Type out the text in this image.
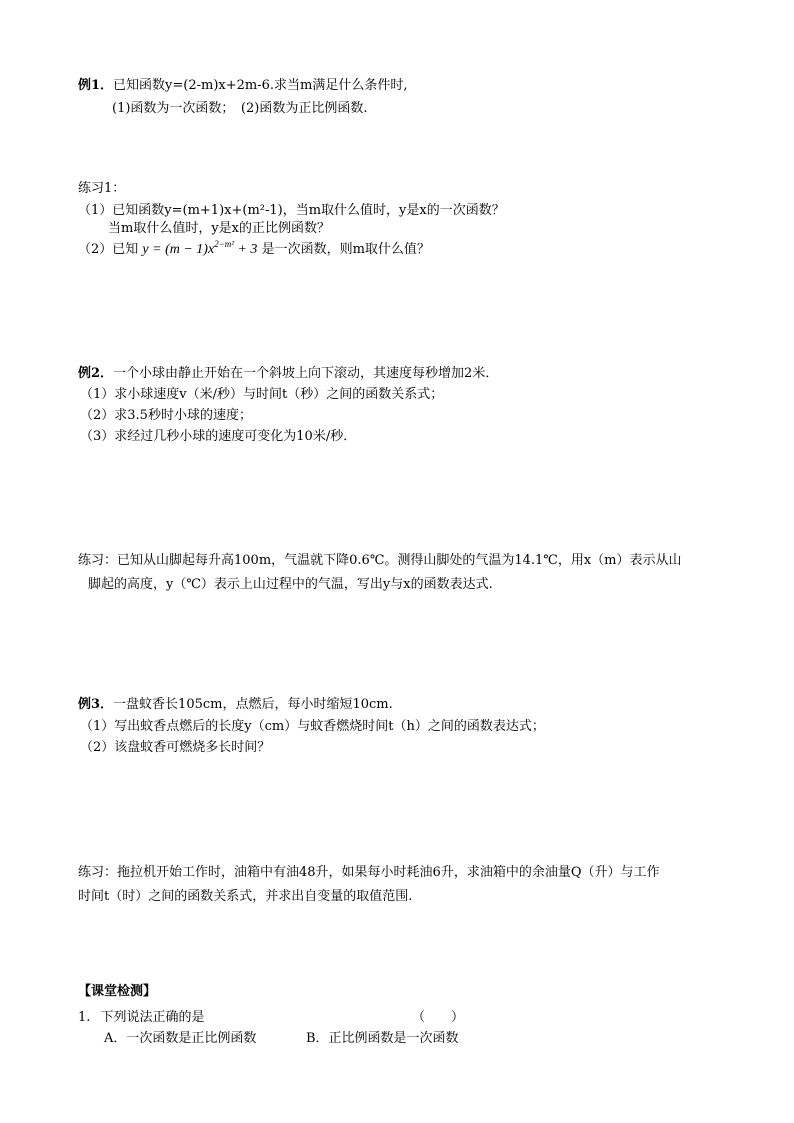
例1．已知函数y=(2-m)x+2m-6.求当m满足什么条件时,
(1)函数为一次函数；　(2)函数为正比例函数.
练习1：
（1）已知函数y=(m+1)x+(m²-1)，当m取什么值时，y是x的一次函数？
当m取什么值时，y是x的正比例函数？
（2）已知 $y = (m - 1)x^{2-m^2} + 3$ 是一次函数，则m取什么值？
例2．一个小球由静止开始在一个斜坡上向下滚动，其速度每秒增加2米．
（1）求小球速度v（米/秒）与时间t（秒）之间的函数关系式；
（2）求3.5秒时小球的速度；
（3）求经过几秒小球的速度可变化为10米/秒．
练习：已知从山脚起每升高100m，气温就下降0.6℃。测得山脚处的气温为14.1℃，用x（m）表示从山
脚起的高度，y（℃）表示上山过程中的气温，写出y与x的函数表达式.
例3．一盘蚊香长105cm，点燃后，每小时缩短10cm.
（1）写出蚊香点燃后的长度y（cm）与蚊香燃烧时间t（h）之间的函数表达式；
（2）该盘蚊香可燃烧多长时间？
练习：拖拉机开始工作时，油箱中有油48升，如果每小时耗油6升，求油箱中的余油量Q（升）与工作
时间t（时）之间的函数关系式，并求出自变量的取值范围.
【课堂检测】
1. 下列说法正确的是	（　　）
A．一次函数是正比例函数	B．正比例函数是一次函数
